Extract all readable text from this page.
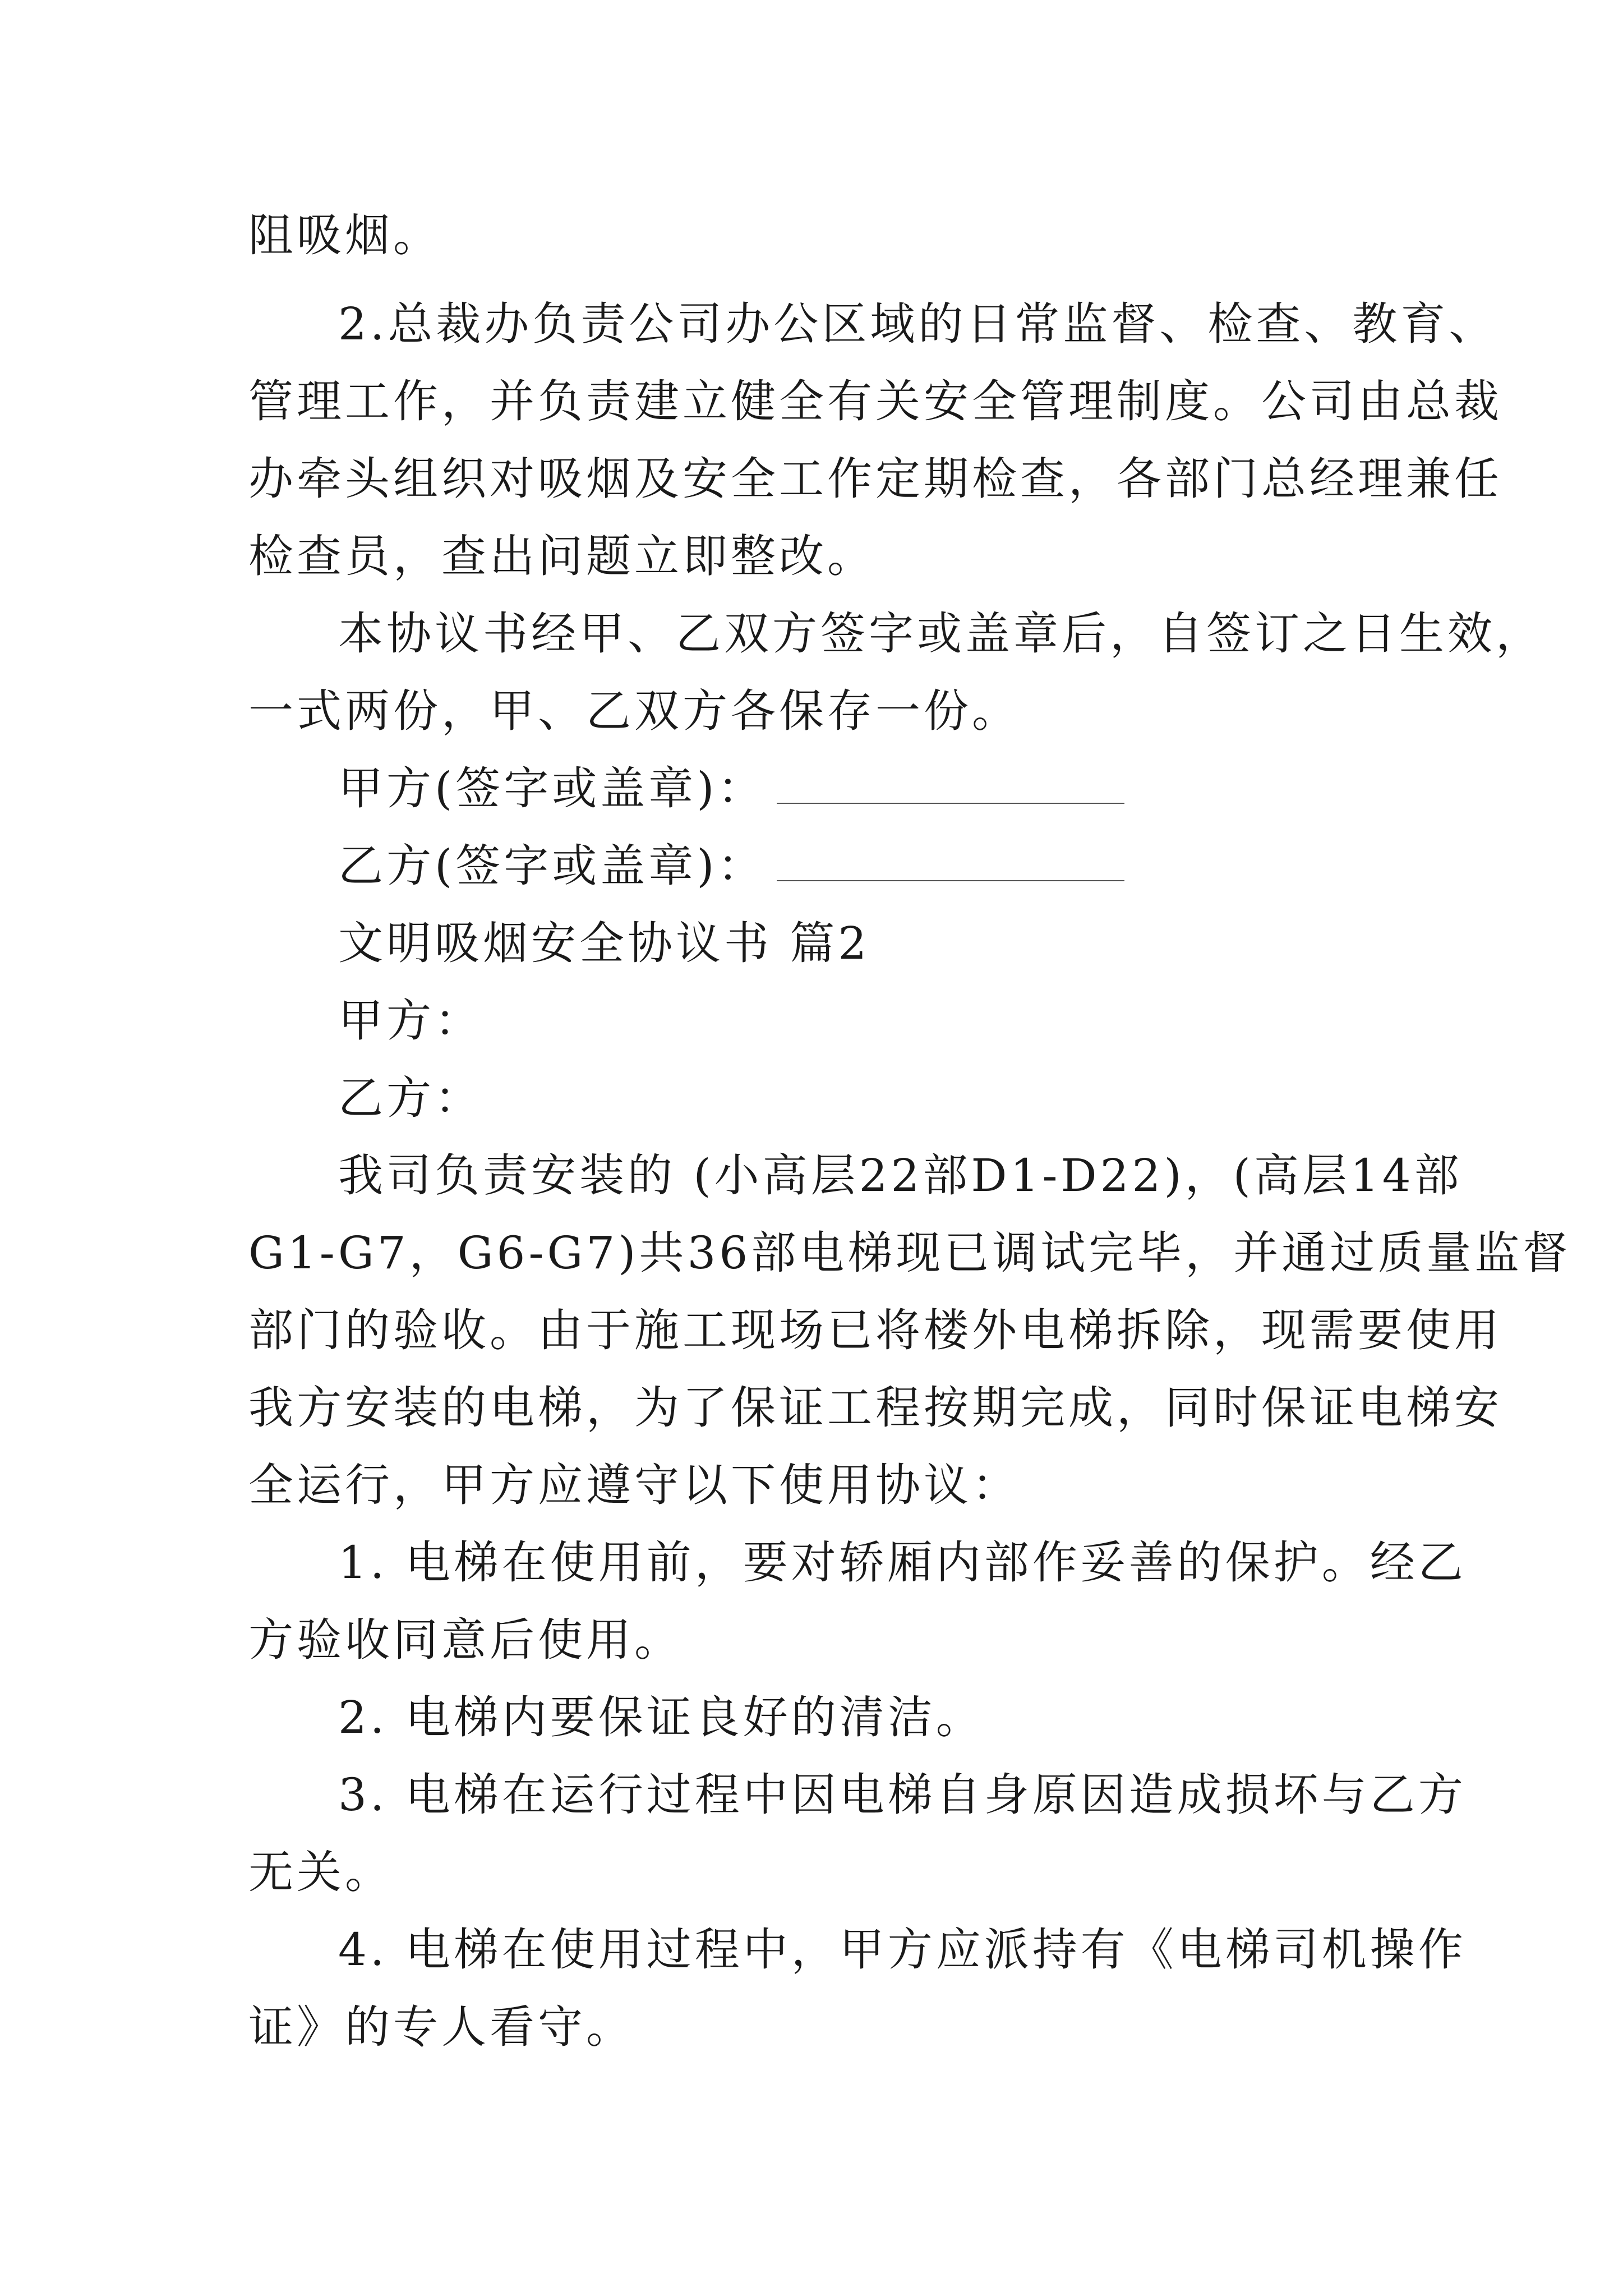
阻吸烟。
2.总裁办负责公司办公区域的日常监督、检查、教育、
管理工作，并负责建立健全有关安全管理制度。公司由总裁
办牵头组织对吸烟及安全工作定期检查，各部门总经理兼任
检查员，查出问题立即整改。
本协议书经甲、乙双方签字或盖章后，自签订之日生效，
一式两份，甲、乙双方各保存一份。
甲方(签字或盖章)：
乙方(签字或盖章)：
文明吸烟安全协议书 篇2
甲方：
乙方：
我司负责安装的 (小高层22部D1-D22)，(高层14部
G1-G7，G6-G7)共36部电梯现已调试完毕，并通过质量监督
部门的验收。由于施工现场已将楼外电梯拆除，现需要使用
我方安装的电梯，为了保证工程按期完成，同时保证电梯安
全运行，甲方应遵守以下使用协议：
1. 电梯在使用前，要对轿厢内部作妥善的保护。经乙
方验收同意后使用。
2. 电梯内要保证良好的清洁。
3. 电梯在运行过程中因电梯自身原因造成损坏与乙方
无关。
4. 电梯在使用过程中，甲方应派持有《电梯司机操作
证》的专人看守。
